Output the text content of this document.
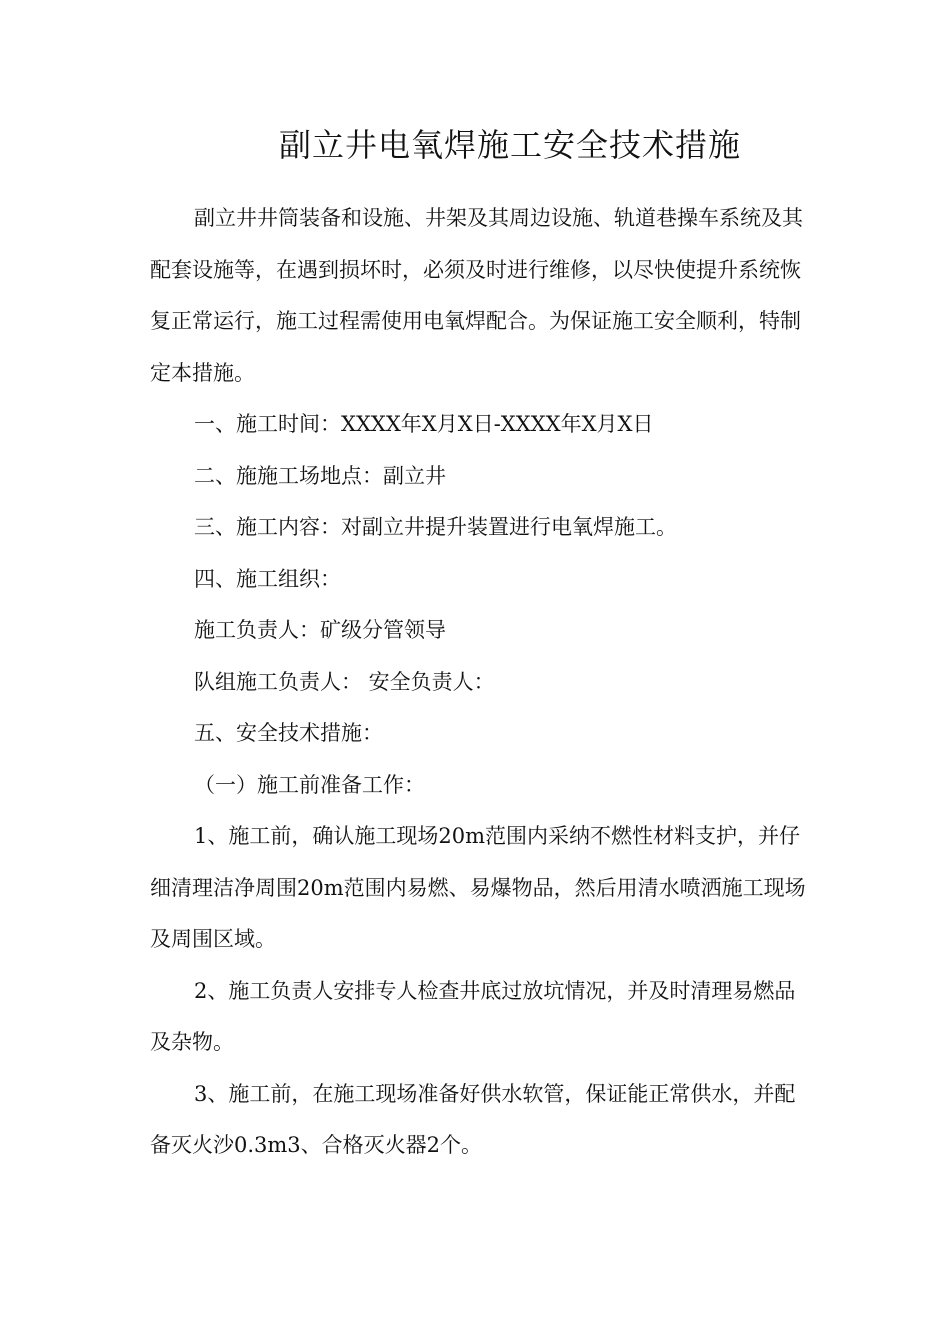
副立井电氧焊施工安全技术措施

副立井井筒装备和设施、井架及其周边设施、轨道巷操车系统及其配套设施等，在遇到损坏时，必须及时进行维修，以尽快使提升系统恢复正常运行，施工过程需使用电氧焊配合。为保证施工安全顺利，特制定本措施。

一、施工时间：XXXX年X月X日-XXXX年X月X日

二、施施工场地点：副立井

三、施工内容：对副立井提升装置进行电氧焊施工。

四、施工组织：

施工负责人：矿级分管领导

队组施工负责人： 安全负责人：

五、安全技术措施：

（一）施工前准备工作：

1、施工前，确认施工现场20m范围内采纳不燃性材料支护，并仔细清理洁净周围20m范围内易燃、易爆物品，然后用清水喷洒施工现场及周围区域。

2、施工负责人安排专人检查井底过放坑情况，并及时清理易燃品及杂物。

3、施工前，在施工现场准备好供水软管，保证能正常供水，并配备灭火沙0.3m3、合格灭火器2个。
